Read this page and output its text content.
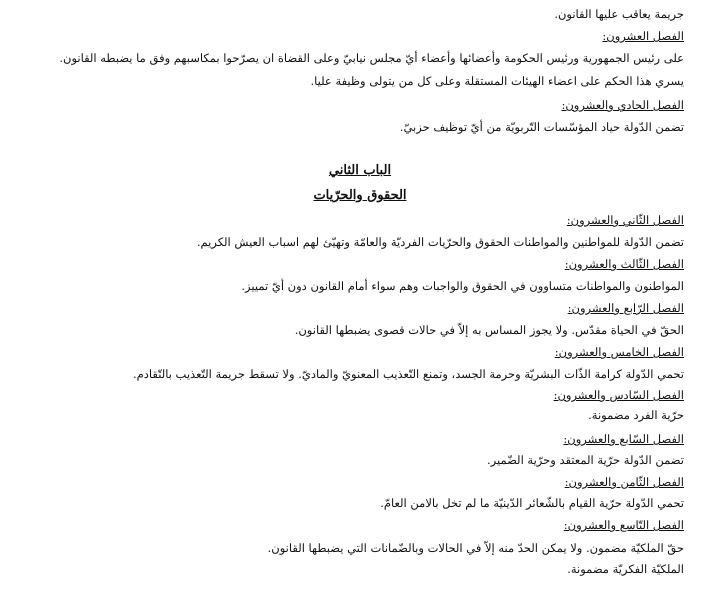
جريمة يعاقب عليها القانون.
الفصل العشرون:
على رئيس الجمهورية ورئيس الحكومة وأعضائها وأعضاء أيّ مجلس نيابيّ وعلى القضاة ان يصرّحوا بمكاسبهم وفق ما يضبطه القانون.
يسري هذا الحكم على اعضاء الهيئات المستقلة وعلى كل من يتولى وظيفة عليا.
الفصل الحادي والعشرون:
تضمن الدّولة حياد المؤسّسات التّربويّة من أيّ توظيف حزبيّ.
الباب الثاني
الحقوق والحرّيات
الفصل الثّاني والعشرون:
تضمن الدّولة للمواطنين والمواطنات الحقوق والحرّيات الفرديّة والعامّة وتهيّئ لهم اسباب العيش الكريم.
الفصل الثّالث والعشرون:
المواطنون والمواطنات متساوون في الحقوق والواجبات وهم سواء أمام القانون دون أيّ تمييز.
الفصل الرّابع والعشرون:
الحقّ في الحياة مقدّس. ولا يجوز المساس به إلاّ في حالات قصوى يضبطها القانون.
الفصل الخامس والعشرون:
تحمي الدّولة كرامة الذّات البشريّة وحرمة الجسد، وتمنع التّعذيب المعنويّ والماديّ. ولا تسقط جريمة التّعذيب بالتّقادم.
الفصل السّادس والعشرون:
حرّية الفرد مضمونة.
الفصل السّابع والعشرون:
تضمن الدّولة حرّية المعتقد وحرّية الضّمير.
الفصل الثّامن والعشرون:
تحمي الدّولة حرّية القيام بالشّعائر الدّينيّة ما لم تخل بالامن العامّ.
الفصل التّاسع والعشرون:
حقّ الملكيّة مضمون. ولا يمكن الحدّ منه إلاّ في الحالات وبالضّمانات التي يضبطها القانون.
الملكيّة الفكريّة مضمونة.
